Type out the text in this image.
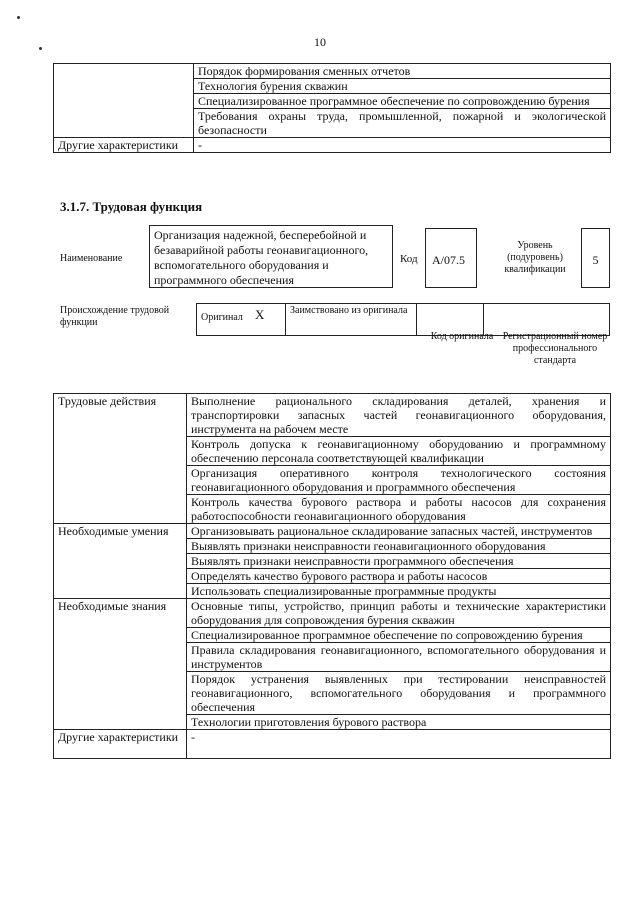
10
	Порядок формирования сменных отчетов
	Технология бурения скважин
	Специализированное программное обеспечение по сопровождению бурения
	Требования охраны труда, промышленной, пожарной и экологической безопасности
Другие характеристики	-
3.1.7. Трудовая функция
Наименование
Организация надежной, бесперебойной и безаварийной работы геонавигационного, вспомогательного оборудования и программного обеспечения
Код	А/07.5
Уровень (подуровень) квалификации
5
Происхождение трудовой функции	Оригинал	X	Заимствовано из оригинала		
Код оригинала Регистрационный номер профессионального стандарта
Трудовые действия	Выполнение рационального складирования деталей, хранения и транспортировки запасных частей геонавигационного оборудования, инструмента на рабочем месте
	Контроль допуска к геонавигационному оборудованию и программному обеспечению персонала соответствующей квалификации
	Организация оперативного контроля технологического состояния геонавигационного оборудования и программного обеспечения
	Контроль качества бурового раствора и работы насосов для сохранения работоспособности геонавигационного оборудования
Необходимые умения	Организовывать рациональное складирование запасных частей, инструментов
	Выявлять признаки неисправности геонавигационного оборудования
	Выявлять признаки неисправности программного обеспечения
	Определять качество бурового раствора и работы насосов
	Использовать специализированные программные продукты
Необходимые знания	Основные типы, устройство, принцип работы и технические характеристики оборудования для сопровождения бурения скважин
	Специализированное программное обеспечение по сопровождению бурения
	Правила складирования геонавигационного, вспомогательного оборудования и инструментов
	Порядок устранения выявленных при тестировании неисправностей геонавигационного, вспомогательного оборудования и программного обеспечения
	Технологии приготовления бурового раствора
Другие характеристики	-
